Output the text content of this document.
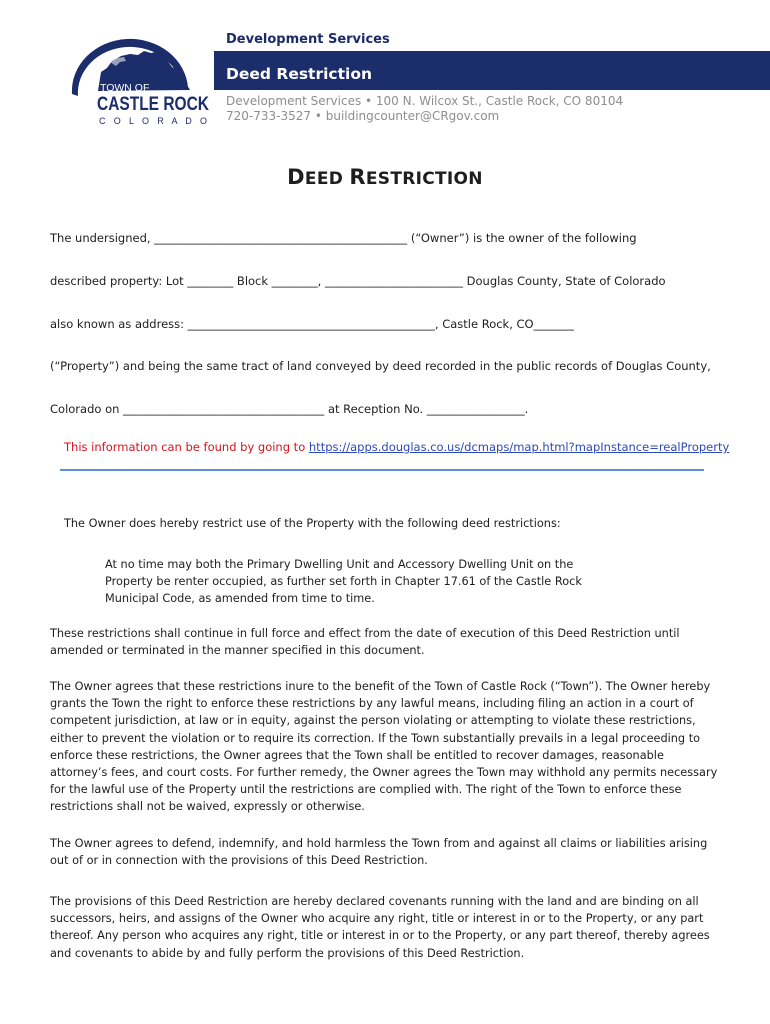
TOWN OF
CASTLE ROCK
C O L O R A D O
Development Services
Deed Restriction
Development Services • 100 N. Wilcox St., Castle Rock, CO 80104
720-733-3527 • buildingcounter@CRgov.com
DEED RESTRICTION
The undersigned, ____________________________________________ (“Owner”) is the owner of the following
described property: Lot ________ Block ________, ________________________ Douglas County, State of Colorado
also known as address: ___________________________________________, Castle Rock, CO_______
(“Property”) and being the same tract of land conveyed by deed recorded in the public records of Douglas County,
Colorado on ___________________________________ at Reception No. _________________.
This information can be found by going to https://apps.douglas.co.us/dcmaps/map.html?mapInstance=realProperty
The Owner does hereby restrict use of the Property with the following deed restrictions:
At no time may both the Primary Dwelling Unit and Accessory Dwelling Unit on the Property be renter occupied, as further set forth in Chapter 17.61 of the Castle Rock Municipal Code, as amended from time to time.
These restrictions shall continue in full force and effect from the date of execution of this Deed Restriction until amended or terminated in the manner specified in this document.
The Owner agrees that these restrictions inure to the benefit of the Town of Castle Rock (“Town”). The Owner hereby grants the Town the right to enforce these restrictions by any lawful means, including filing an action in a court of competent jurisdiction, at law or in equity, against the person violating or attempting to violate these restrictions, either to prevent the violation or to require its correction. If the Town substantially prevails in a legal proceeding to enforce these restrictions, the Owner agrees that the Town shall be entitled to recover damages, reasonable attorney’s fees, and court costs. For further remedy, the Owner agrees the Town may withhold any permits necessary for the lawful use of the Property until the restrictions are complied with. The right of the Town to enforce these restrictions shall not be waived, expressly or otherwise.
The Owner agrees to defend, indemnify, and hold harmless the Town from and against all claims or liabilities arising out of or in connection with the provisions of this Deed Restriction.
The provisions of this Deed Restriction are hereby declared covenants running with the land and are binding on all successors, heirs, and assigns of the Owner who acquire any right, title or interest in or to the Property, or any part thereof. Any person who acquires any right, title or interest in or to the Property, or any part thereof, thereby agrees and covenants to abide by and fully perform the provisions of this Deed Restriction.
